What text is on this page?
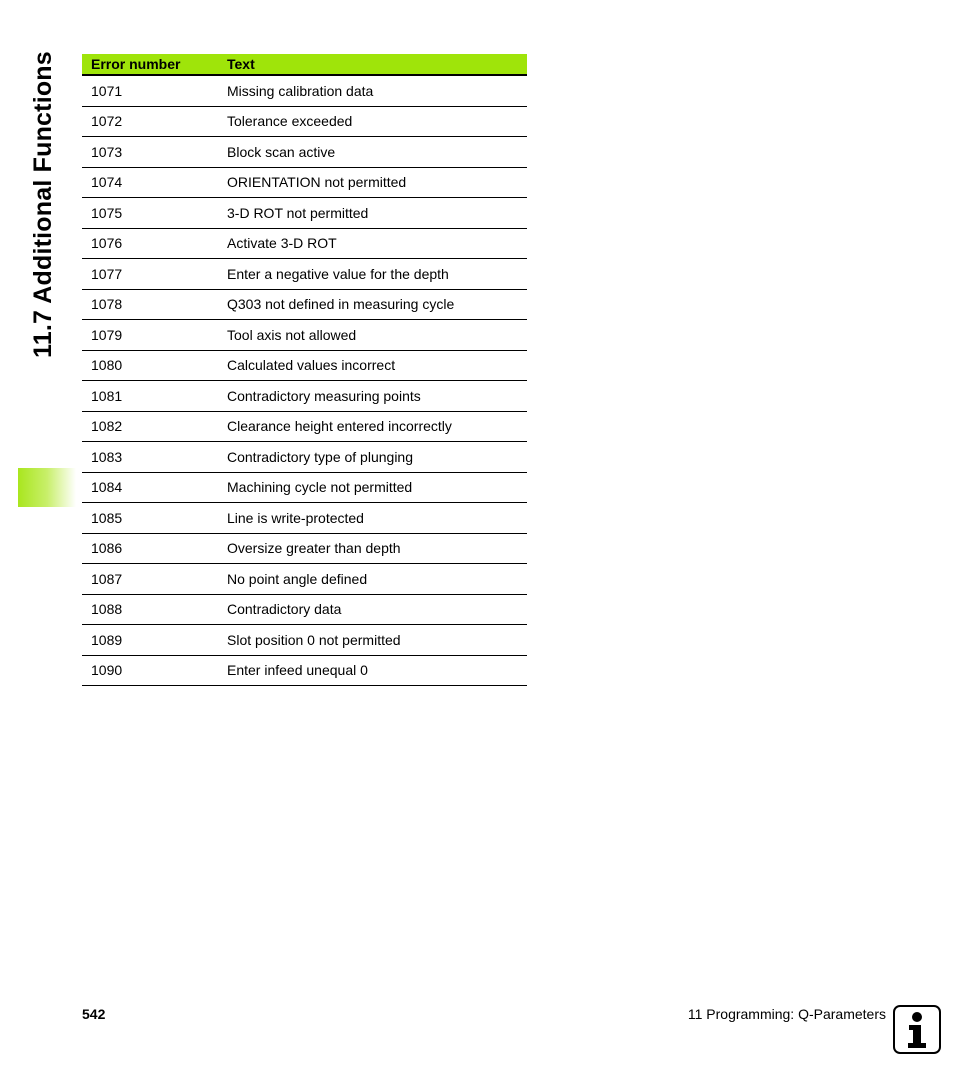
11.7 Additional Functions Error number	Text
1071	Missing calibration data
1072	Tolerance exceeded
1073	Block scan active
1074	ORIENTATION not permitted
1075	3-D ROT not permitted
1076	Activate 3-D ROT
1077	Enter a negative value for the depth
1078	Q303 not defined in measuring cycle
1079	Tool axis not allowed
1080	Calculated values incorrect
1081	Contradictory measuring points
1082	Clearance height entered incorrectly
1083	Contradictory type of plunging
1084	Machining cycle not permitted
1085	Line is write-protected
1086	Oversize greater than depth
1087	No point angle defined
1088	Contradictory data
1089	Slot position 0 not permitted
1090	Enter infeed unequal 0
542	11 Programming: Q-Parameters
